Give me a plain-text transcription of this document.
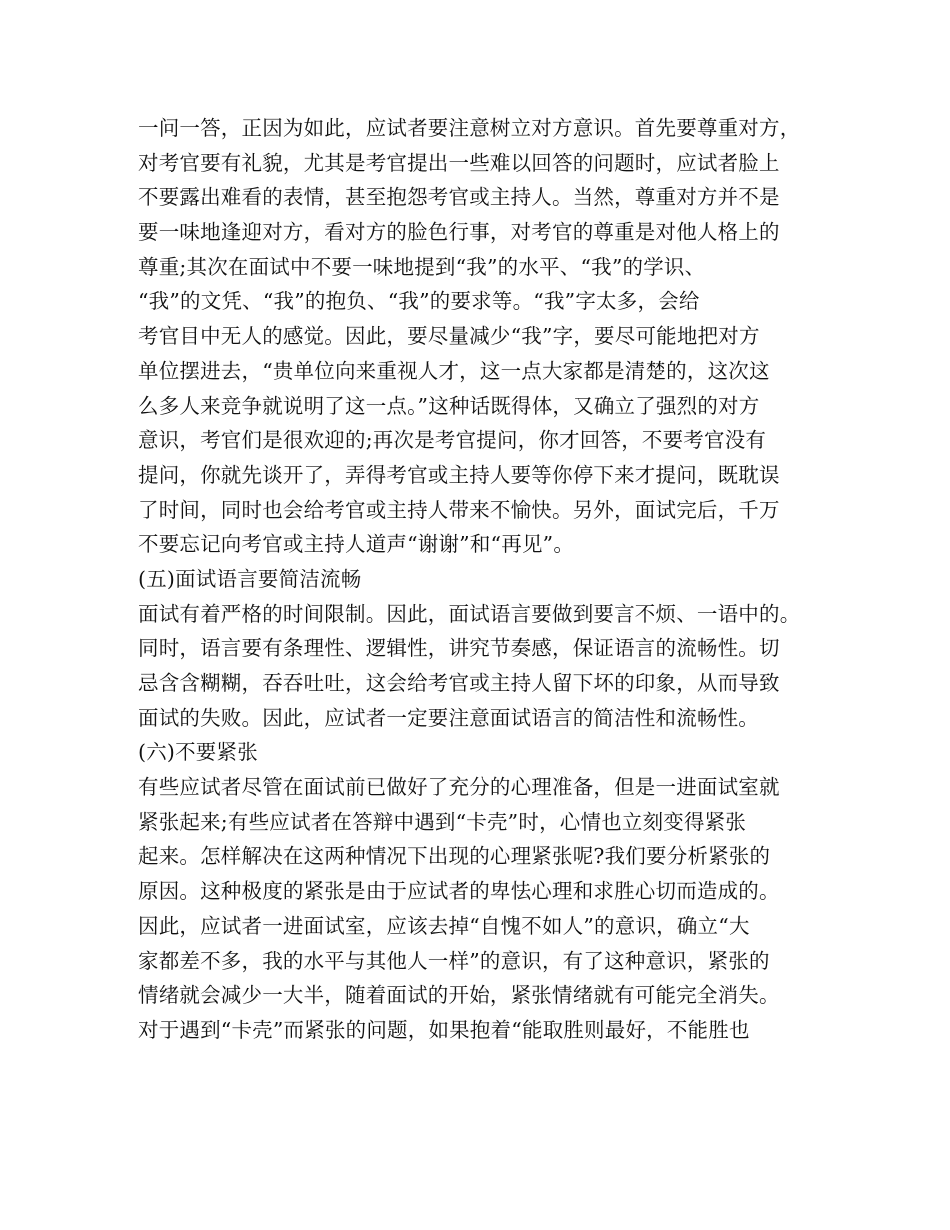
一问一答，正因为如此，应试者要注意树立对方意识。首先要尊重对方，
对考官要有礼貌，尤其是考官提出一些难以回答的问题时，应试者脸上
不要露出难看的表情，甚至抱怨考官或主持人。当然，尊重对方并不是
要一味地逢迎对方，看对方的脸色行事，对考官的尊重是对他人格上的
尊重;其次在面试中不要一味地提到“我”的水平、“我”的学识、
“我”的文凭、“我”的抱负、“我”的要求等。“我”字太多，会给
考官目中无人的感觉。因此，要尽量减少“我”字，要尽可能地把对方
单位摆进去，“贵单位向来重视人才，这一点大家都是清楚的，这次这
么多人来竞争就说明了这一点。”这种话既得体，又确立了强烈的对方
意识，考官们是很欢迎的;再次是考官提问，你才回答，不要考官没有
提问，你就先谈开了，弄得考官或主持人要等你停下来才提问，既耽误
了时间，同时也会给考官或主持人带来不愉快。另外，面试完后，千万
不要忘记向考官或主持人道声“谢谢”和“再见”。
(五)面试语言要简洁流畅
面试有着严格的时间限制。因此，面试语言要做到要言不烦、一语中的。
同时，语言要有条理性、逻辑性，讲究节奏感，保证语言的流畅性。切
忌含含糊糊，吞吞吐吐，这会给考官或主持人留下坏的印象，从而导致
面试的失败。因此，应试者一定要注意面试语言的简洁性和流畅性。
(六)不要紧张
有些应试者尽管在面试前已做好了充分的心理准备，但是一进面试室就
紧张起来;有些应试者在答辩中遇到“卡壳”时，心情也立刻变得紧张
起来。怎样解决在这两种情况下出现的心理紧张呢?我们要分析紧张的
原因。这种极度的紧张是由于应试者的卑怯心理和求胜心切而造成的。
因此，应试者一进面试室，应该去掉“自愧不如人”的意识，确立“大
家都差不多，我的水平与其他人一样”的意识，有了这种意识，紧张的
情绪就会减少一大半，随着面试的开始，紧张情绪就有可能完全消失。
对于遇到“卡壳”而紧张的问题，如果抱着“能取胜则最好，不能胜也
